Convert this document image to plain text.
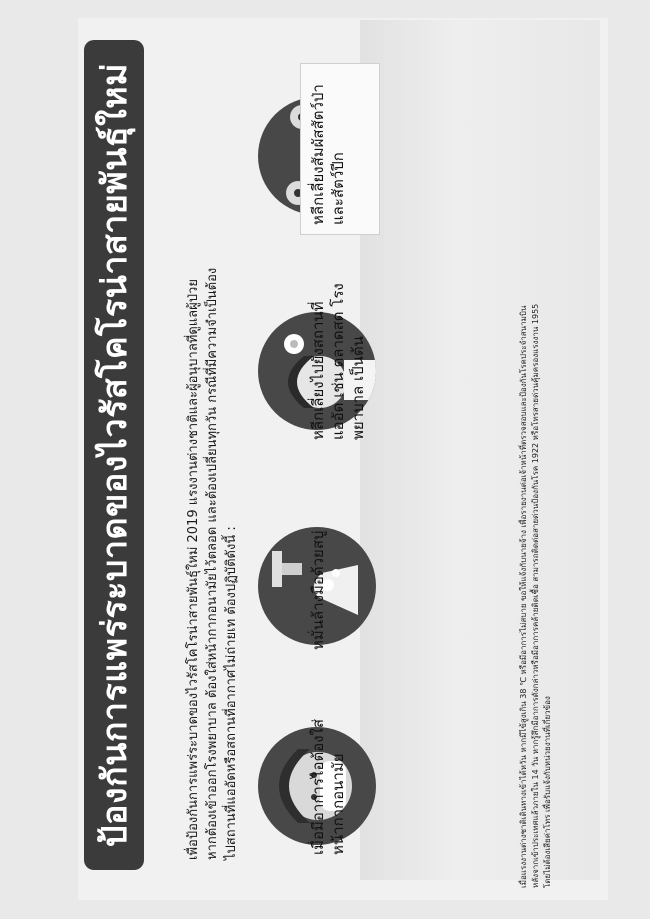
ป้องกันการแพร่ระบาดของไวรัสโคโรน่าสายพันธุ์ใหม่	เพื่อป้องกันการแพร่ระบาดของไวรัสโคโรน่าสายพันธุ์ใหม่ 2019 แรงงานต่างชาติและผู้อนุบาลที่ดูแลผู้ป่วย หากต้องเข้าออกโรงพยาบาล ต้องใส่หน้ากากอนามัยไว้ตลอด และต้องเปลี่ยนทุกวัน กรณีที่มีความจำเป็นต้อง ไปสถานที่แออัดหรือสถานที่อากาศไม่ถ่ายเท ต้องปฏิบัติดังนี้ :	เมื่อมีอาการไอต้องใส่หน้ากากอนามัย
หมั่นล้างมือด้วยสบู่
หลีกเลี่ยงไปยังสถานที่แออัด เช่น ตลาดสด โรงพยาบาล เป็นต้น
หลีกเลี่ยงสัมผัสสัตว์ป่าและสัตว์ปีก

เมื่อแรงงานต่างชาติเดินทางเข้าไต้หวัน หากมีไข้สูงเกิน 38 ℃ หรือมีอาการไม่สบาย ขอให้แจ้งกับนายจ้าง เพื่อรายงานต่อเจ้าหน้าที่ตรวจสอบและป้องกันโรคประจำสนามบิน หลังจากเข้าประเทศแล้วภายใน 14 วัน หากรู้สึกมีอาการดังกล่าวหรือมีอาการคล้ายติดเชื้อ สามารถติดต่อสายด่วนป้องกันโรค 1922 หรือโทรสายด่วนคุ้มครองแรงงาน 1955 โดยไม่ต้องเสียค่าโทร เพื่อรับแจ้งกับหน่วยงานที่เกี่ยวข้อง
